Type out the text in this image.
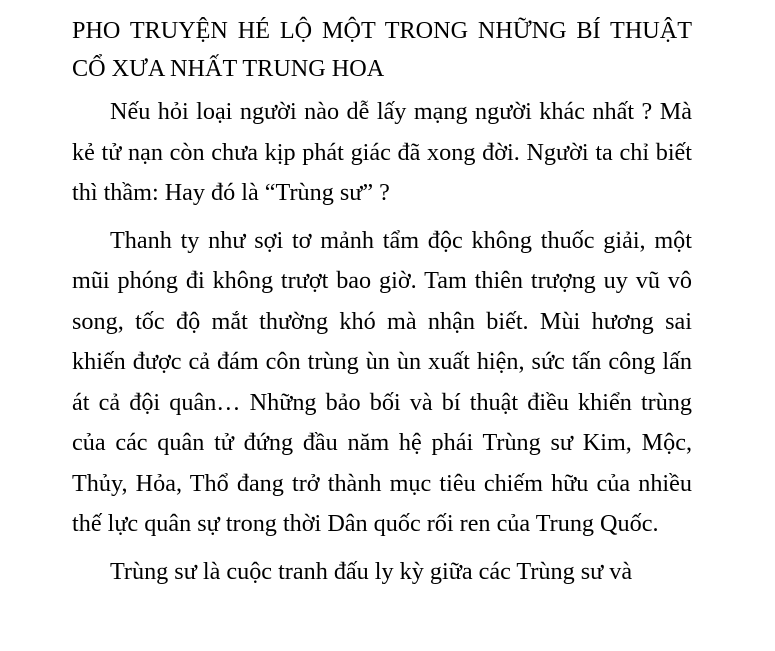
PHO TRUYỆN HÉ LỘ MỘT TRONG NHỮNG BÍ THUẬT CỔ XƯA NHẤT TRUNG HOA

Nếu hỏi loại người nào dễ lấy mạng người khác nhất ? Mà kẻ tử nạn còn chưa kịp phát giác đã xong đời. Người ta chỉ biết thì thầm: Hay đó là “Trùng sư” ?

Thanh ty như sợi tơ mảnh tẩm độc không thuốc giải, một mũi phóng đi không trượt bao giờ. Tam thiên trượng uy vũ vô song, tốc độ mắt thường khó mà nhận biết. Mùi hương sai khiến được cả đám côn trùng ùn ùn xuất hiện, sức tấn công lấn át cả đội quân… Những bảo bối và bí thuật điều khiển trùng của các quân tử đứng đầu năm hệ phái Trùng sư Kim, Mộc, Thủy, Hỏa, Thổ đang trở thành mục tiêu chiếm hữu của nhiều thế lực quân sự trong thời Dân quốc rối ren của Trung Quốc.

Trùng sư là cuộc tranh đấu ly kỳ giữa các Trùng sư và
